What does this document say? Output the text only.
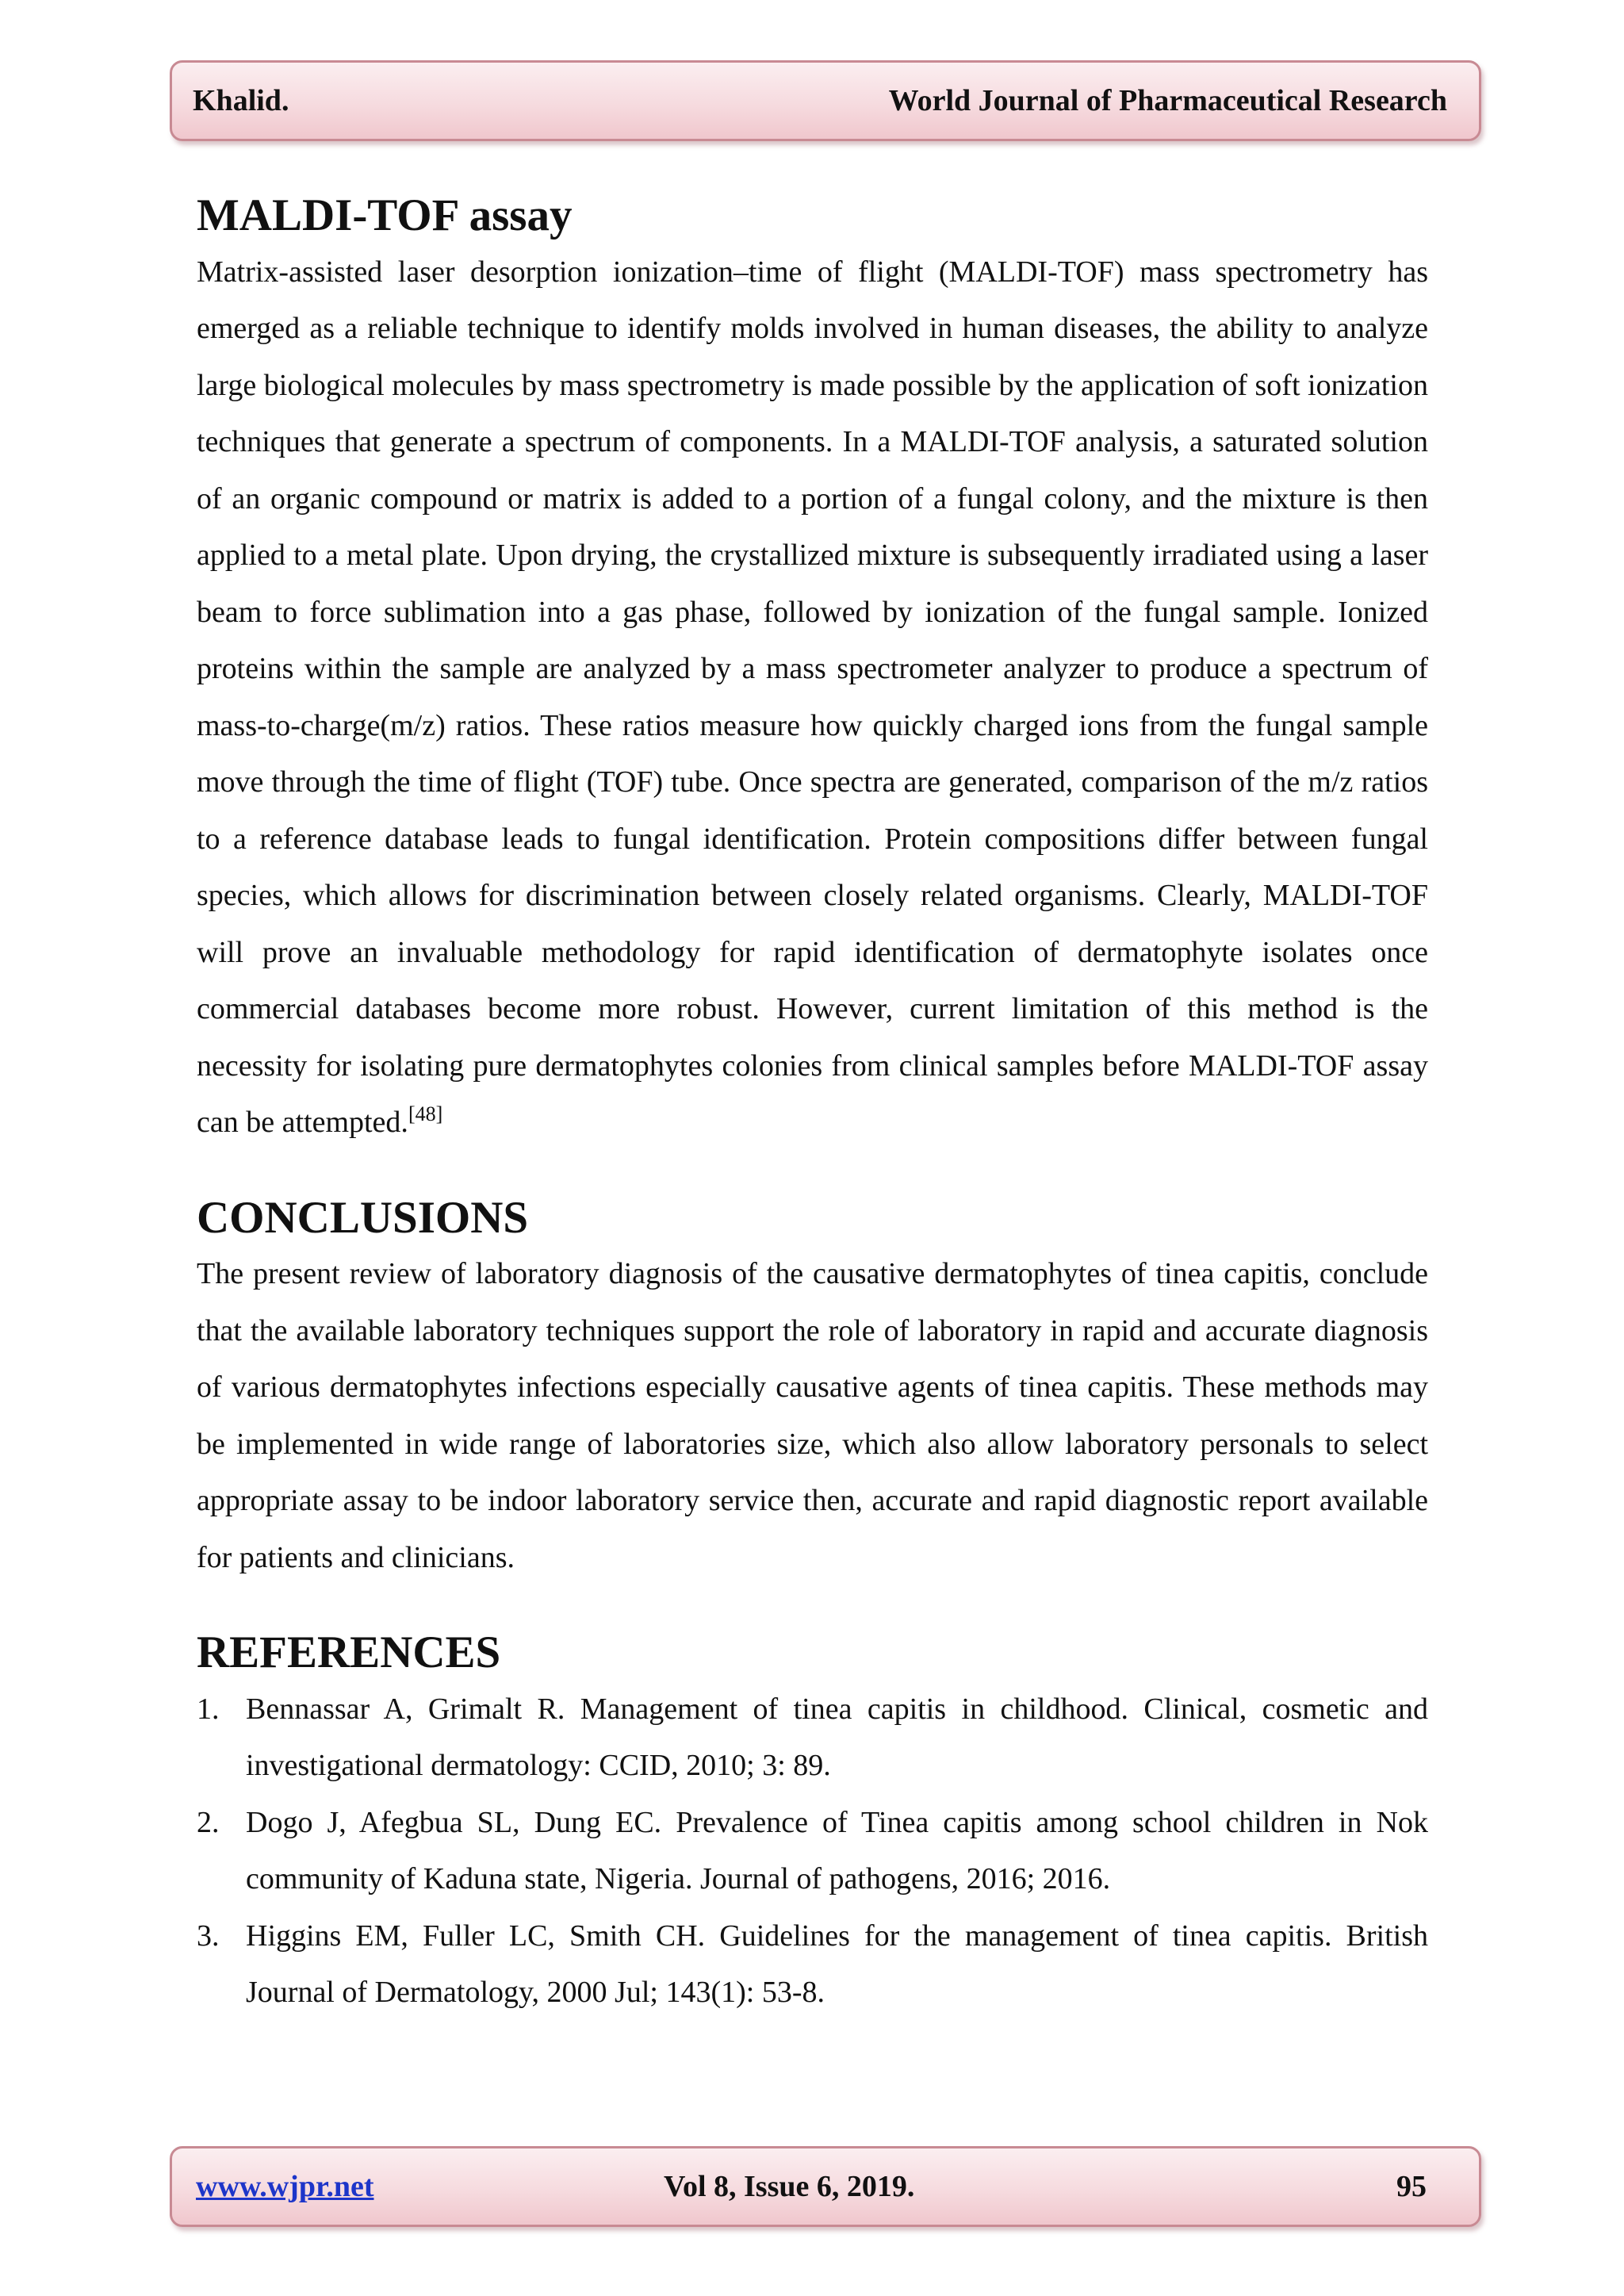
Khalid.	World Journal of Pharmaceutical Research
MALDI-TOF assay

Matrix-assisted laser desorption ionization–time of flight (MALDI-TOF) mass spectrometry has emerged as a reliable technique to identify molds involved in human diseases, the ability to analyze large biological molecules by mass spectrometry is made possible by the application of soft ionization techniques that generate a spectrum of components. In a MALDI-TOF analysis, a saturated solution of an organic compound or matrix is added to a portion of a fungal colony, and the mixture is then applied to a metal plate. Upon drying, the crystallized mixture is subsequently irradiated using a laser beam to force sublimation into a gas phase, followed by ionization of the fungal sample. Ionized proteins within the sample are analyzed by a mass spectrometer analyzer to produce a spectrum of mass-to-charge(m/z) ratios. These ratios measure how quickly charged ions from the fungal sample move through the time of flight (TOF) tube. Once spectra are generated, comparison of the m/z ratios to a reference database leads to fungal identification. Protein compositions differ between fungal species, which allows for discrimination between closely related organisms. Clearly, MALDI-TOF will prove an invaluable methodology for rapid identification of dermatophyte isolates once commercial databases become more robust. However, current limitation of this method is the necessity for isolating pure dermatophytes colonies from clinical samples before MALDI-TOF assay can be attempted.[48]

CONCLUSIONS

The present review of laboratory diagnosis of the causative dermatophytes of tinea capitis, conclude that the available laboratory techniques support the role of laboratory in rapid and accurate diagnosis of various dermatophytes infections especially causative agents of tinea capitis. These methods may be implemented in wide range of laboratories size, which also allow laboratory personals to select appropriate assay to be indoor laboratory service then, accurate and rapid diagnostic report available for patients and clinicians.

REFERENCES
1. Bennassar A, Grimalt R. Management of tinea capitis in childhood. Clinical, cosmetic and investigational dermatology: CCID, 2010; 3: 89.
2. Dogo J, Afegbua SL, Dung EC. Prevalence of Tinea capitis among school children in Nok community of Kaduna state, Nigeria. Journal of pathogens, 2016; 2016.
3. Higgins EM, Fuller LC, Smith CH. Guidelines for the management of tinea capitis. British Journal of Dermatology, 2000 Jul; 143(1): 53-8.
www.wjpr.net	Vol 8, Issue 6, 2019.	95
